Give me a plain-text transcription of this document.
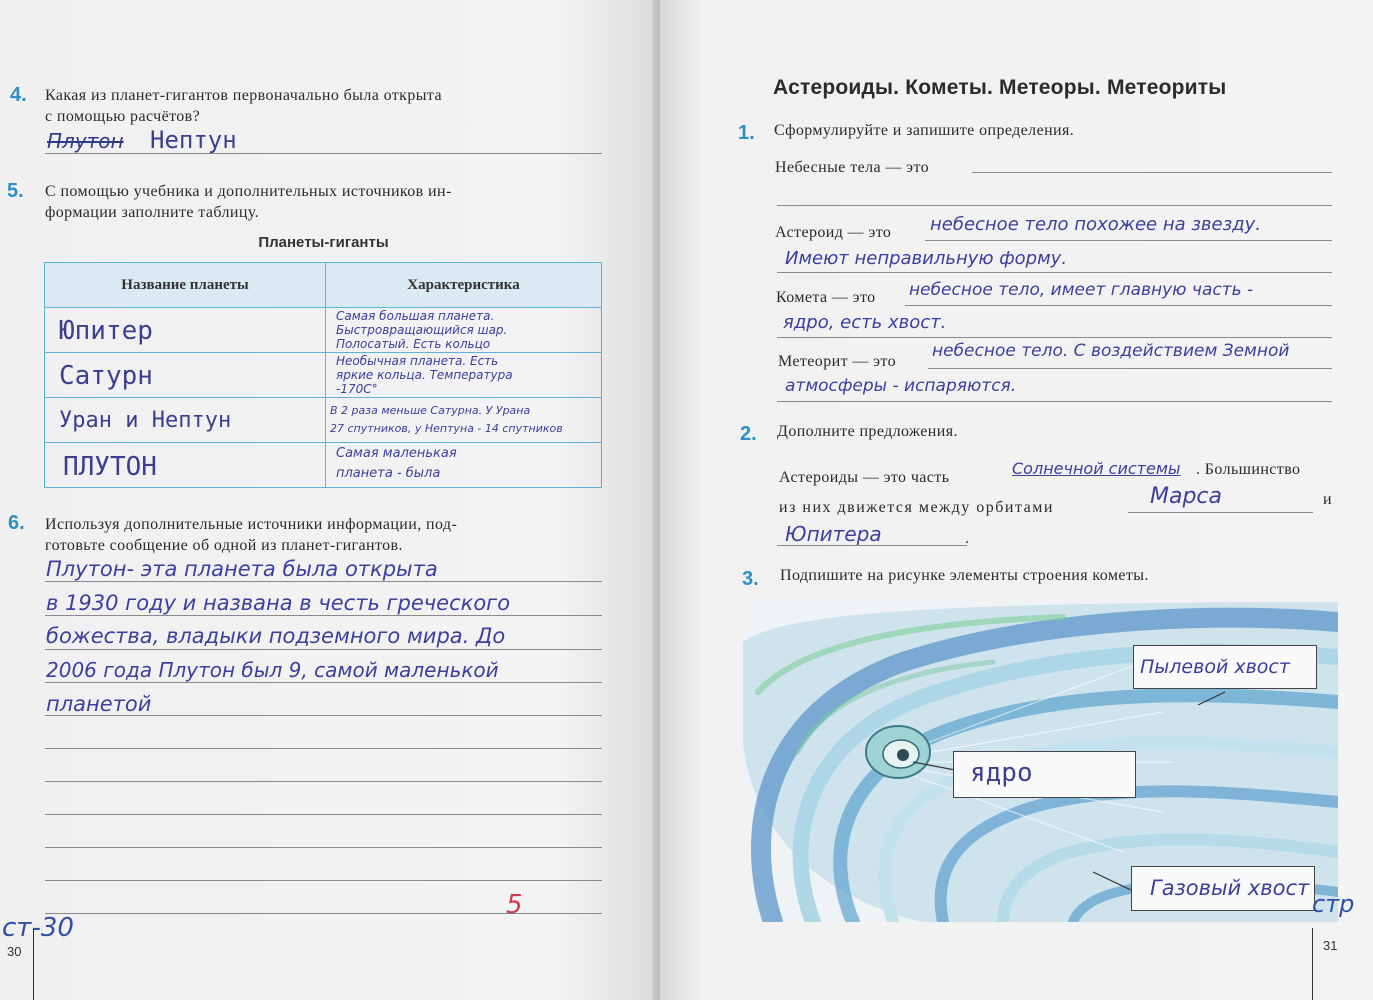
4. Какая из планет-гигантов первоначально была открыта
с помощью расчётов?
Плутон Нептун
5. С помощью учебника и дополнительных источников ин-
формации заполните таблицу.
Планеты-гиганты
Название планеты	Характеристика

Юпитер	Самая большая планета.
Быстровращающийся шар.
Полосатый. Есть кольцо

Сатурн	Необычная планета. Есть
яркие кольца. Температура
-170С°

Уран и Нептун	В 2 раза меньше Сатурна. У Урана
27 спутников, у Нептуна - 14 спутников

ПЛУТОН	Самая маленькая
планета - была
6. Используя дополнительные источники информации, под-
готовьте сообщение об одной из планет-гигантов.
Плутон- эта планета была открыта
в 1930 году и названа в честь греческого
божества, владыки подземного мира. До
2006 года Плутон был 9, самой маленькой
планетой
5
ст-30
30
Астероиды. Кометы. Метеоры. Метеориты
1. Сформулируйте и запишите определения.
Небесные тела — это
Астероид — это небесное тело похожее на звезду.
Имеют неправильную форму.
Комета — это небесное тело, имеет главную часть -
ядро, есть хвост.
Метеорит — это
небесное тело. С воздействием Земной
атмосферы - испаряются.
2. Дополните предложения.
Астероиды — это часть	Солнечной системы . Большинство
из них движется между орбитами	Марса	и
Юпитера	.
3. Подпишите на рисунке элементы строения кометы.
Пылевой хвост
ядро
Газовый хвост
стр
31
